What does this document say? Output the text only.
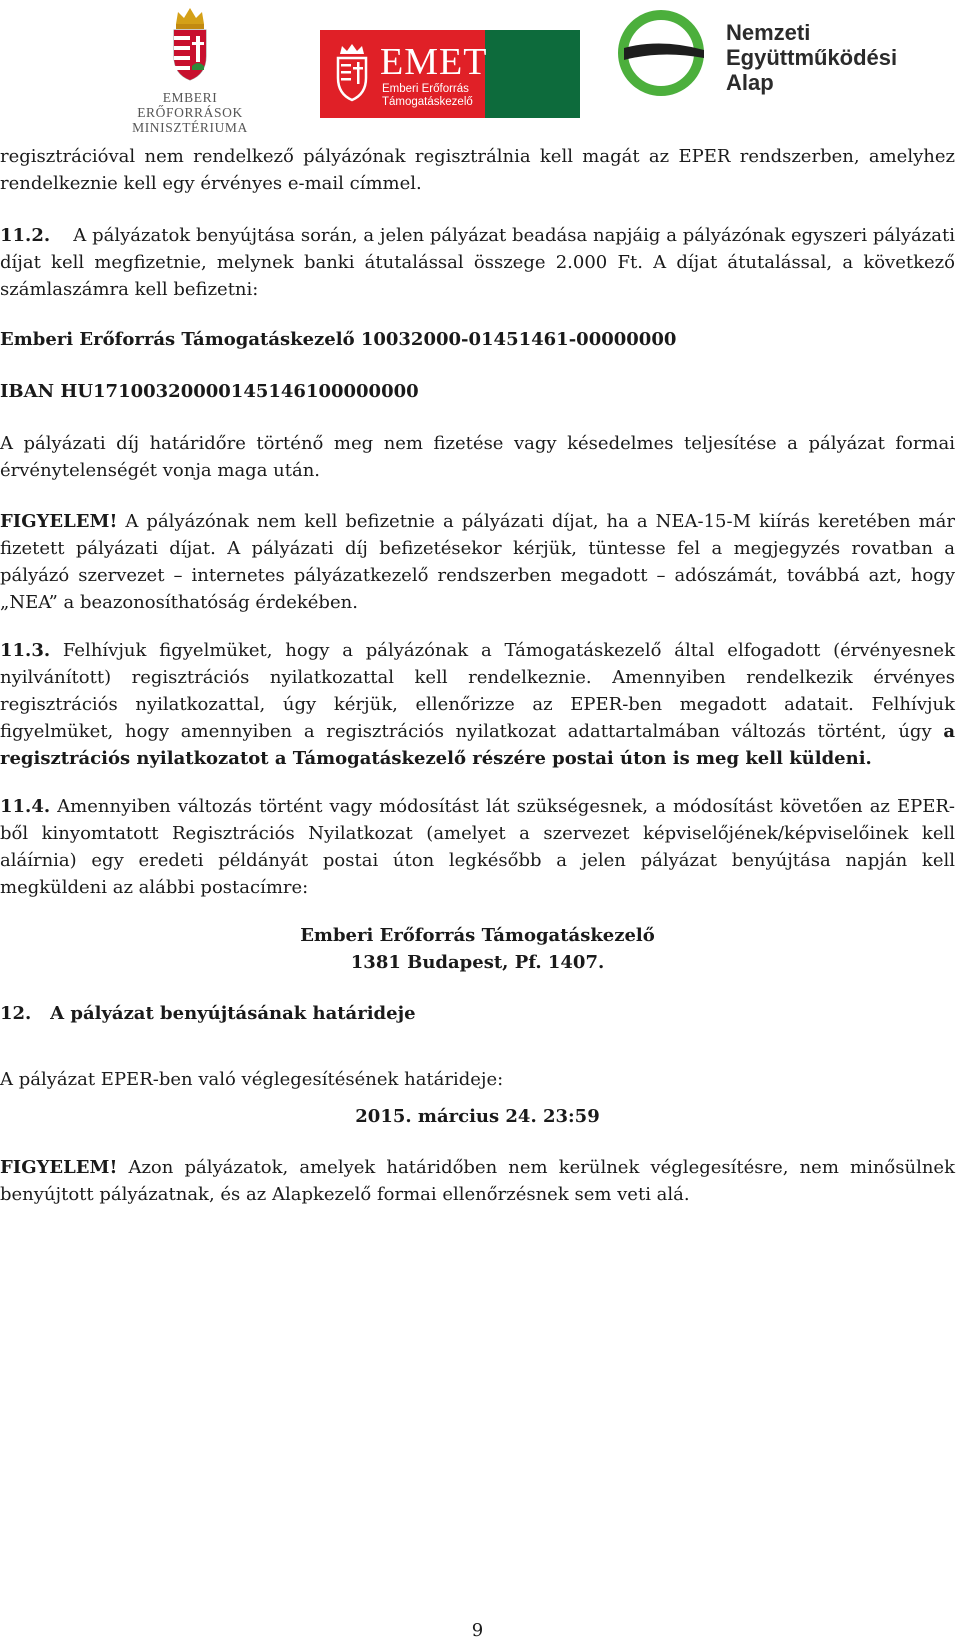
EMBERI ERŐFORRÁSOK
MINISZTÉRIUMA
EMET
Emberi Erőforrás
Támogatáskezelő
Nemzeti
Együttműködési
Alap
regisztrációval nem rendelkező pályázónak regisztrálnia kell magát az EPER rendszerben, amelyhez rendelkeznie kell egy érvényes e-mail címmel.
11.2. A pályázatok benyújtása során, a jelen pályázat beadása napjáig a pályázónak egyszeri pályázati díjat kell megfizetnie, melynek banki átutalással összege 2.000 Ft. A díjat átutalással, a következő számlaszámra kell befizetni:
Emberi Erőforrás Támogatáskezelő 10032000-01451461-00000000
IBAN HU17100320000145146100000000
A pályázati díj határidőre történő meg nem fizetése vagy késedelmes teljesítése a pályázat formai érvénytelenségét vonja maga után.
FIGYELEM! A pályázónak nem kell befizetnie a pályázati díjat, ha a NEA-15-M kiírás keretében már fizetett pályázati díjat. A pályázati díj befizetésekor kérjük, tüntesse fel a megjegyzés rovatban a pályázó szervezet – internetes pályázatkezelő rendszerben megadott – adószámát, továbbá azt, hogy „NEA” a beazonosíthatóság érdekében.
11.3. Felhívjuk figyelmüket, hogy a pályázónak a Támogatáskezelő által elfogadott (érvényesnek nyilvánított) regisztrációs nyilatkozattal kell rendelkeznie. Amennyiben rendelkezik érvényes regisztrációs nyilatkozattal, úgy kérjük, ellenőrizze az EPER-ben megadott adatait. Felhívjuk figyelmüket, hogy amennyiben a regisztrációs nyilatkozat adattartalmában változás történt, úgy a regisztrációs nyilatkozatot a Támogatáskezelő részére postai úton is meg kell küldeni.
11.4. Amennyiben változás történt vagy módosítást lát szükségesnek, a módosítást követően az EPER-ből kinyomtatott Regisztrációs Nyilatkozat (amelyet a szervezet képviselőjének/képviselőinek kell aláírnia) egy eredeti példányát postai úton legkésőbb a jelen pályázat benyújtása napján kell megküldeni az alábbi postacímre:
Emberi Erőforrás Támogatáskezelő
1381 Budapest, Pf. 1407.
12. A pályázat benyújtásának határideje
A pályázat EPER-ben való véglegesítésének határideje:
2015. március 24. 23:59
FIGYELEM! Azon pályázatok, amelyek határidőben nem kerülnek véglegesítésre, nem minősülnek benyújtott pályázatnak, és az Alapkezelő formai ellenőrzésnek sem veti alá.
9
